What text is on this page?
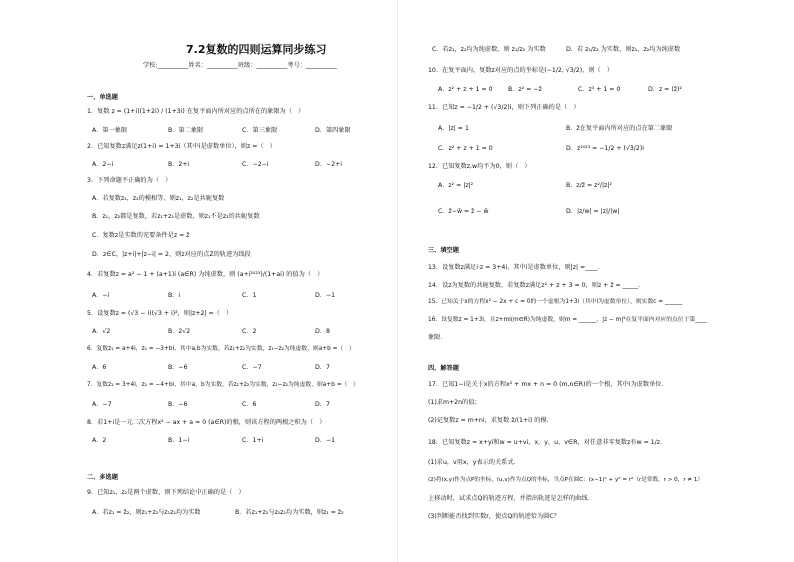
7.2复数的四则运算同步练习
学校:__________姓名：__________班级：__________考号：__________
一、单选题
1．复数 z = (1+i)(1+2i) / (1+3i) 在复平面内所对应的点所在的象限为（　）
A．第一象限	B．第二象限	C．第三象限	D．第四象限
2．已知复数z满足z(1+i) = 1+3i（其中i是虚数单位），则z =（　）
A．2−i	B．2+i	C．−2−i	D．−2+i
3．下列命题不正确的为（　）
A．若复数z₁，z₂的模相等，则z₁，z₂是共轭复数
B．z₁，z₂都是复数，若z₁+z₂是虚数，则z₁不是z₂的共轭复数
C．复数z是实数的充要条件是z = z̄
D．z∈C，|z+i|+|z−i| = 2，则z对应的点Z的轨迹为线段
4．若复数z = a² − 1 + (a+1)i (a∈R) 为纯虚数，则 (a+i²⁰²³)/(1+ai) 的值为（　）
A．−i	B．i	C．1	D．−1
5．设复数z = (√3 − i)(√3 + i)²，则|z+2| =（　）
A．√2	B．2√2	C．2	D．8
6．复数z₁ = a+4i，z₂ = −3+bi，其中a,b为实数，若z₁+z₂为实数，z₁−z₂为纯虚数，则a+b =（　）
A．6	B．−6	C．−7	D．7
7．复数z₁ = 3+4i，z₂ = −4+bi，其中a，b为实数，若z₁+z₂为实数，z₁−z₂为纯虚数，则a+b =（　）
A．−7	B．−6	C．6	D．7
8．若1+i是一元二次方程x² − ax + a = 0 (a∈R)的根，则该方程的两根之积为（　）
A．2	B．1−i	C．1+i	D．−1
二、多选题
9．已知z₁，z₂是两个虚数，则下列结论中正确的是（　）
A．若z₁ = z̄₂，则z₁+z₂与z₁z₂均为实数	B．若z₁+z₂与z₁z₂均为实数，则z₁ = z̄₂
C．若z₁，z₂均为纯虚数，则 z₁/z₂ 为实数	D．若 z₁/z₂ 为实数，则z₁，z₂均为纯虚数
10．在复平面内，复数z对应的点的坐标是(−1/2, √3/2)，则（　）
A．z² + z + 1 = 0 B．z² = −z̄	C．z³ + 1 = 0	D．z = (z̄)²
11．已知z = −1/2 + (√3/2)i，则下列正确的是（　）
A．|z| = 1	B．z̄在复平面内所对应的点在第二象限
C．z² + z + 1 = 0	D．z²⁰²³ = −1/2 + (√3/2)i
12．已知复数z,w均不为0，则（　）
A．z² = |z|²	B．z/z̄ = z²/|z|²
C．z̄−w̄ = z̄ − w̄	D．|z/w| = |z|/|w|
三、填空题
13．设复数z满足i·z = 3+4i，其中i是虚数单位，则|z| =____.
14．设z为复数的共轭复数，若复数z满足z² + z + 3 = 0，则z + z̄ = _____.
15．已知关于x的方程x² − 2x + c = 0的一个虚根为1+3i（其中i为虚数单位），则实数c = ______
16．设复数z = 1+3i，且z+mi(m∈R)为纯虚数，则m = ______，|z − m|²在复平面内对应的点位于第____
象限.
四、解答题
17．已知1−i是关于x的方程x² + mx + n = 0 (m,n∈R)的一个根，其中i为虚数单位.
(1)求m+2n的值；
(2)记复数z = m+ni，求复数 z̄/(1+i) 的模.
18．已知复数z = x+yi和w = u+vi，x，y，u，v∈R，对任意非零复数z有w = 1/z.
(1)求u，v用x，y表示的关系式.
(2)将(x,y)作为点P的坐标，(u,v)作为点Q的坐标，当点P在圆C：(x−1)² + y² = r²（r是常数，r > 0，r ≠ 1）
上移动时，试求点Q的轨迹方程，并指出轨迹是怎样的曲线.
(3)判断能否找到实数r，使点Q的轨迹恰为圆C？
